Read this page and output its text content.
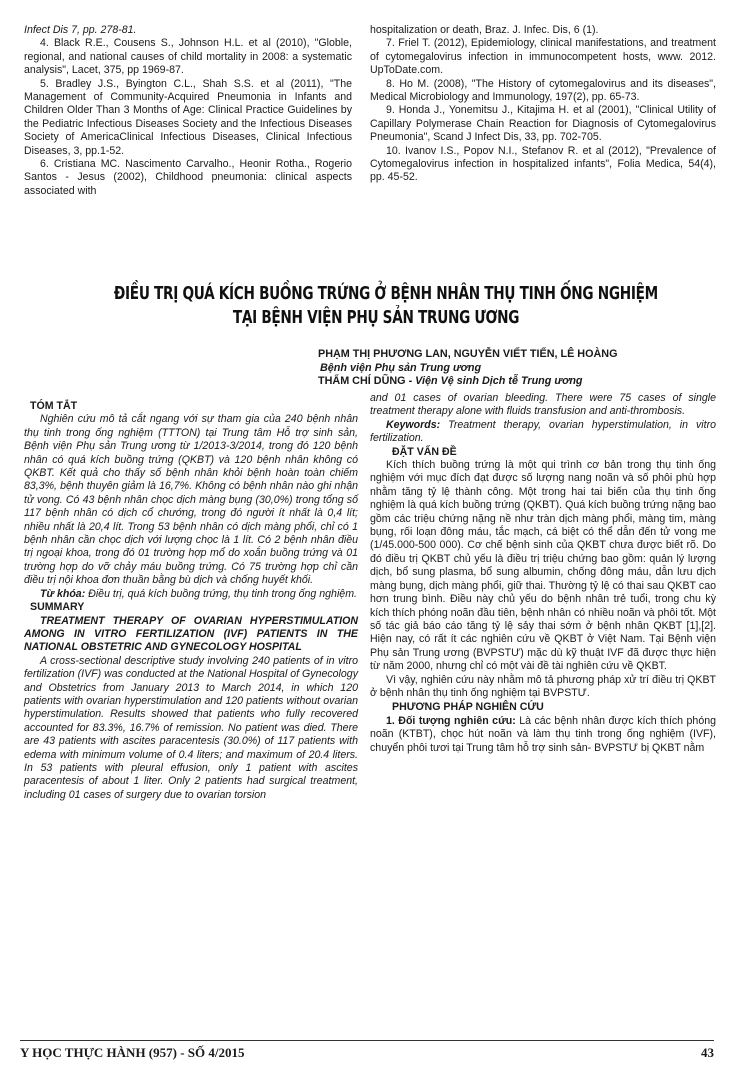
Infect Dis 7, pp. 278-81.

4. Black R.E., Cousens S., Johnson H.L. et al (2010), "Globle, regional, and national causes of child mortality in 2008: a systematic analysis", Lacet, 375, pp 1969-87.

5. Bradley J.S., Byington C.L., Shah S.S. et al (2011), "The Management of Community-Acquired Pneumonia in Infants and Children Older Than 3 Months of Age: Clinical Practice Guidelines by the Pediatric Infectious Diseases Society and the Infectious Diseases Society of AmericaClinical Infectious Diseases, Clinical Infectious Diseases, 3, pp.1-52.

6. Cristiana MC. Nascimento Carvalho., Heonir Rotha., Rogerio Santos - Jesus (2002), Childhood pneumonia: clinical aspects associated with

hospitalization or death, Braz. J. Infec. Dis, 6 (1).

7. Friel T. (2012), Epidemiology, clinical manifestations, and treatment of cytomegalovirus infection in immunocompetent hosts, www. 2012. UpToDate.com.

8. Ho M. (2008), "The History of cytomegalovirus and its diseases", Medical Microbiology and Immunology, 197(2), pp. 65-73.

9. Honda J., Yonemitsu J., Kitajima H. et al (2001), "Clinical Utility of Capillary Polymerase Chain Reaction for Diagnosis of Cytomegalovirus Pneumonia", Scand J Infect Dis, 33, pp. 702-705.

10. Ivanov I.S., Popov N.I., Stefanov R. et al (2012), "Prevalence of Cytomegalovirus infection in hospitalized infants", Folia Medica, 54(4), pp. 45-52.

ĐIỀU TRỊ QUÁ KÍCH BUỒNG TRỨNG Ở BỆNH NHÂN THỤ TINH ỐNG NGHIỆM
TẠI BỆNH VIỆN PHỤ SẢN TRUNG ƯƠNG
PHẠM THỊ PHƯƠNG LAN, NGUYỄN VIẾT TIẾN, LÊ HOÀNG
Bệnh viện Phụ sản Trung ương
THẨM CHÍ DŨNG - Viện Vệ sinh Dịch tễ Trung ương

TÓM TẮT

Nghiên cứu mô tả cắt ngang với sự tham gia của 240 bệnh nhân thụ tinh trong ống nghiệm (TTTON) tại Trung tâm Hỗ trợ sinh sản, Bệnh viện Phụ sản Trung ương từ 1/2013-3/2014, trong đó 120 bệnh nhân có quá kích buồng trứng (QKBT) và 120 bệnh nhân không có QKBT. Kết quả cho thấy số bệnh nhân khỏi bệnh hoàn toàn chiếm 83,3%, bệnh thuyên giảm là 16,7%. Không có bệnh nhân nào ghi nhận tử vong. Có 43 bệnh nhân chọc dịch màng bụng (30,0%) trong tổng số 117 bệnh nhân có dịch cổ chướng, trong đó người ít nhất là 0,4 lít; nhiều nhất là 20,4 lít. Trong 53 bệnh nhân có dịch màng phổi, chỉ có 1 bệnh nhân cần chọc dịch với lượng chọc là 1 lít. Có 2 bệnh nhân điều trị ngoại khoa, trong đó 01 trường hợp mổ do xoắn buồng trứng và 01 trường hợp do vỡ chảy máu buồng trứng. Có 75 trường hợp chỉ cần điều trị nội khoa đơn thuần bằng bù dịch và chống huyết khối.

Từ khóa: Điều trị, quá kích buồng trứng, thụ tinh trong ống nghiệm.

SUMMARY

TREATMENT THERAPY OF OVARIAN HYPERSTIMULATION AMONG IN VITRO FERTILIZATION (IVF) PATIENTS IN THE NATIONAL OBSTETRIC AND GYNECOLOGY HOSPITAL

A cross-sectional descriptive study involving 240 patients of in vitro fertilization (IVF) was conducted at the National Hospital of Gynecology and Obstetrics from January 2013 to March 2014, in which 120 patients with ovarian hyperstimulation and 120 patients without ovarian hyperstimulation. Results showed that patients who fully recovered accounted for 83.3%, 16.7% of remission. No patient was died. There are 43 patients with ascites paracentesis (30.0%) of 117 patients with edema with minimum volume of 0.4 liters; and maximum of 20.4 liters. In 53 patients with pleural effusion, only 1 patient with ascites paracentesis of about 1 liter. Only 2 patients had surgical treatment, including 01 cases of surgery due to ovarian torsion

and 01 cases of ovarian bleeding. There were 75 cases of single treatment therapy alone with fluids transfusion and anti-thrombosis.

Keywords: Treatment therapy, ovarian hyperstimulation, in vitro fertilization.

ĐẶT VẤN ĐỀ

Kích thích buồng trứng là một qui trình cơ bản trong thụ tinh ống nghiệm với mục đích đạt được số lượng nang noãn và số phôi phù hợp nhằm tăng tỷ lệ thành công. Một trong hai tai biến của thụ tinh ống nghiệm là quá kích buồng trứng (QKBT). Quá kích buồng trứng nặng bao gồm các triệu chứng nặng nề như tràn dịch màng phổi, màng tim, màng bụng, rối loạn đông máu, tắc mạch, cá biệt có thể dẫn đến tử vong me (1/45.000-500 000). Cơ chế bệnh sinh của QKBT chưa được biết rõ. Do đó điều trị QKBT chủ yếu là điều trị triệu chứng bao gồm: quản lý lượng dịch, bổ sung plasma, bổ sung albumin, chống đông máu, dẫn lưu dịch màng bụng, dịch màng phổi, giữ thai. Thường tỷ lệ có thai sau QKBT cao hơn trung bình. Điều này chủ yếu do bệnh nhân trẻ tuổi, trong chu kỳ kích thích phóng noãn đầu tiên, bệnh nhân có nhiều noãn và phôi tốt. Một số tác giả báo cáo tăng tỷ lệ sảy thai sớm ở bệnh nhân QKBT [1],[2]. Hiện nay, có rất ít các nghiên cứu về QKBT ở Việt Nam. Tại Bệnh viện Phụ sản Trung ương (BVPSTƯ) mặc dù kỹ thuật IVF đã được thực hiện từ năm 2000, nhưng chỉ có một vài đề tài nghiên cứu về QKBT.

Vì vậy, nghiên cứu này nhằm mô tả phương pháp xử trí điều trị QKBT ở bệnh nhân thụ tinh ống nghiệm tại BVPSTƯ.

PHƯƠNG PHÁP NGHIÊN CỨU

1. Đối tượng nghiên cứu: Là các bệnh nhân được kích thích phóng noãn (KTBT), chọc hút noãn và làm thụ tinh trong ống nghiệm (IVF), chuyển phôi tươi tại Trung tâm hỗ trợ sinh sản- BVPSTƯ bị QKBT nằm

Y HỌC THỰC HÀNH (957) - SỐ 4/2015	43
